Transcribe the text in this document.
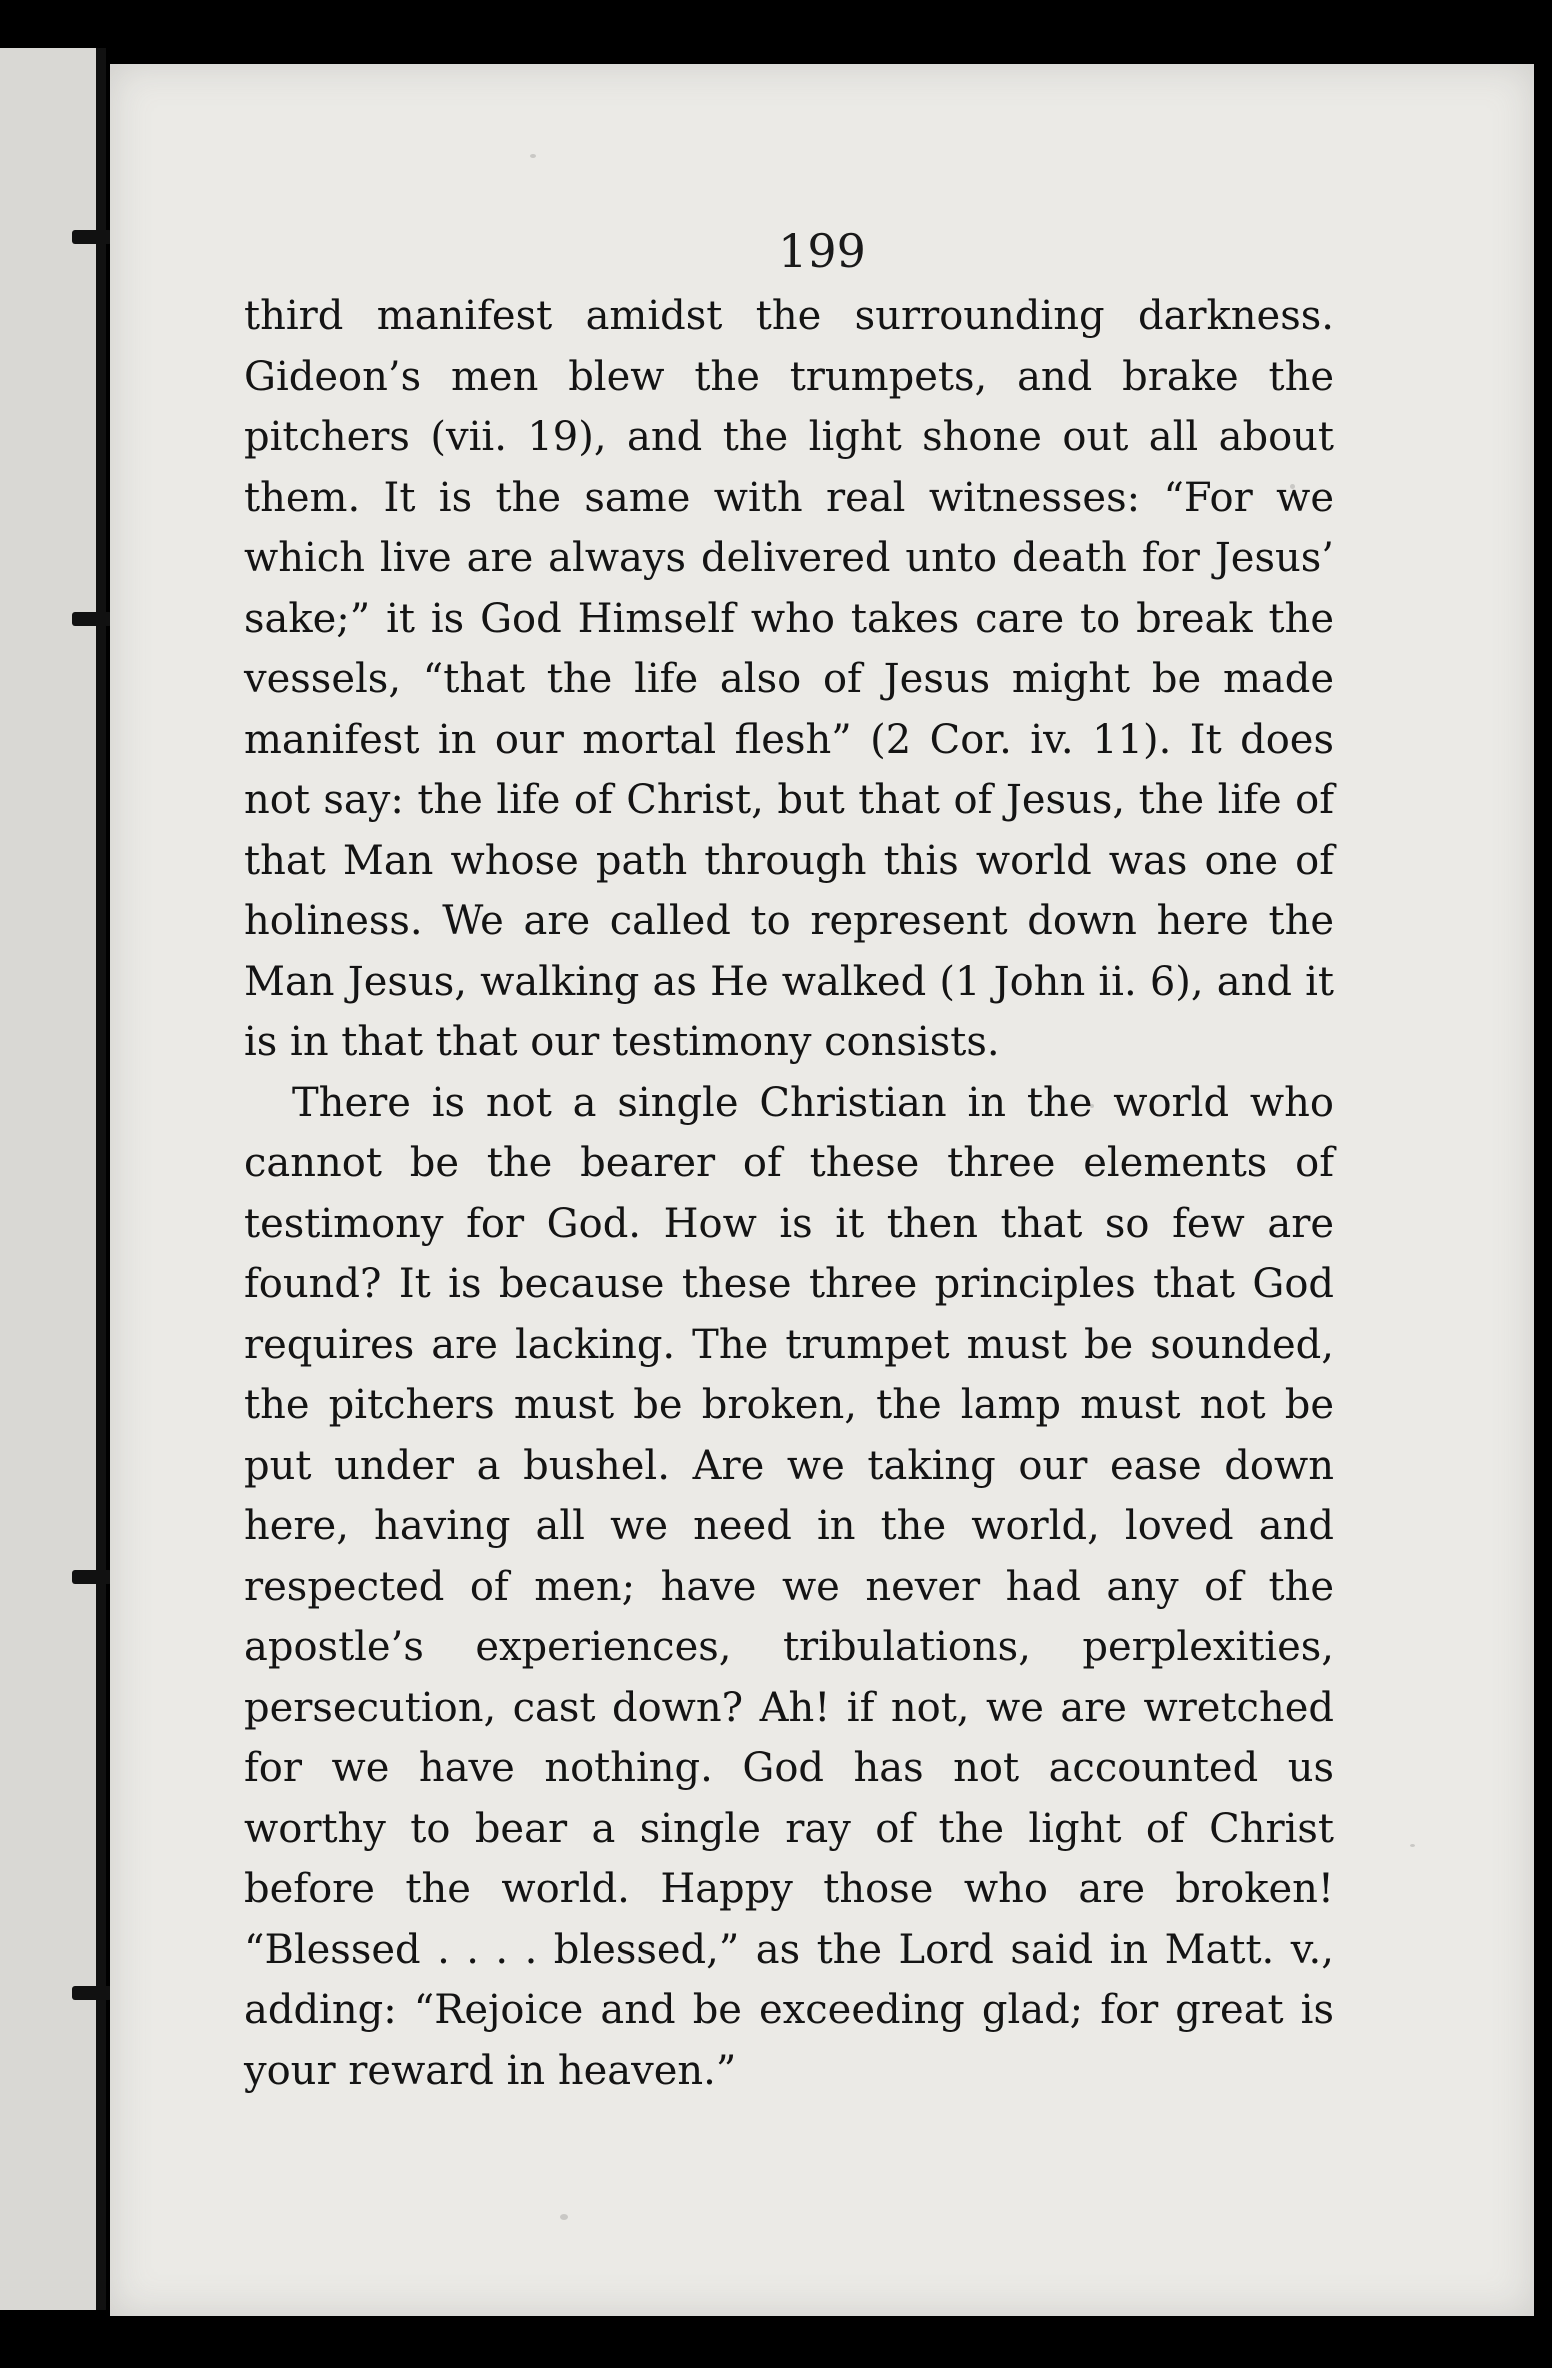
199

third manifest amidst the surrounding darkness. Gideon’s men blew the trumpets, and brake the pitchers (vii. 19), and the light shone out all about them. It is the same with real witnesses: “For we which live are always delivered unto death for Jesus’ sake;” it is God Himself who takes care to break the vessels, “that the life also of Jesus might be made manifest in our mortal flesh” (2 Cor. iv. 11). It does not say: the life of Christ, but that of Jesus, the life of that Man whose path through this world was one of holiness. We are called to represent down here the Man Jesus, walking as He walked (1 John ii. 6), and it is in that that our testimony consists.

There is not a single Christian in the world who cannot be the bearer of these three elements of testimony for God. How is it then that so few are found? It is because these three principles that God requires are lacking. The trumpet must be sounded, the pitchers must be broken, the lamp must not be put under a bushel. Are we taking our ease down here, having all we need in the world, loved and respected of men; have we never had any of the apostle’s experiences, tribulations, perplexities, persecution, cast down? Ah! if not, we are wretched for we have nothing. God has not accounted us worthy to bear a single ray of the light of Christ before the world. Happy those who are broken! “Blessed . . . . blessed,” as the Lord said in Matt. v., adding: “Rejoice and be exceeding glad; for great is your reward in heaven.”
